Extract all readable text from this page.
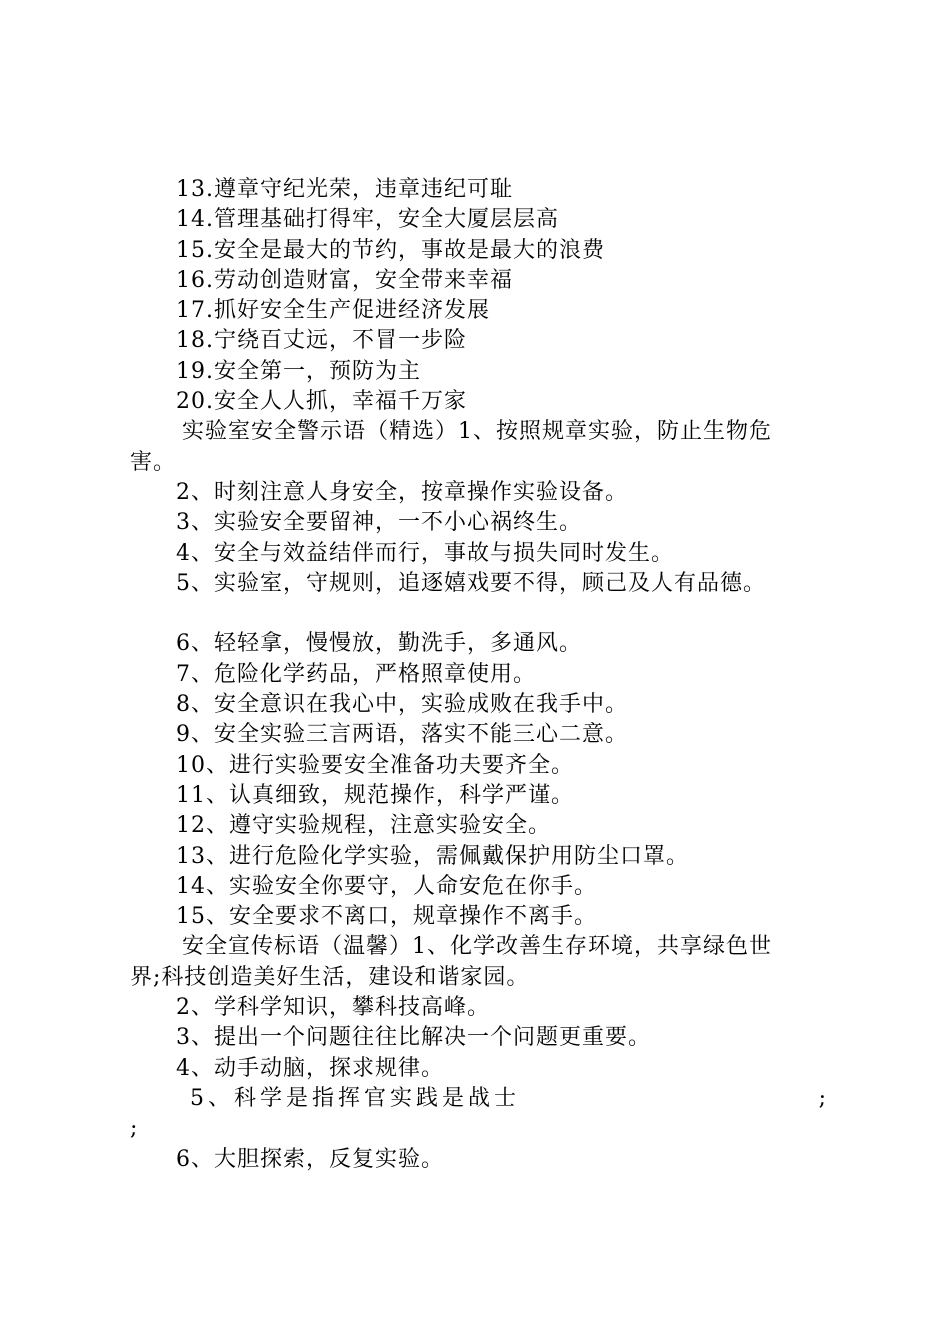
13.遵章守纪光荣，违章违纪可耻
14.管理基础打得牢，安全大厦层层高
15.安全是最大的节约，事故是最大的浪费
16.劳动创造财富，安全带来幸福
17.抓好安全生产促进经济发展
18.宁绕百丈远，不冒一步险
19.安全第一，预防为主
20.安全人人抓，幸福千万家
实验室安全警示语（精选）1、按照规章实验，防止生物危
害。
2、时刻注意人身安全，按章操作实验设备。
3、实验安全要留神，一不小心祸终生。
4、安全与效益结伴而行，事故与损失同时发生。
5、实验室，守规则，追逐嬉戏要不得，顾己及人有品德。
6、轻轻拿，慢慢放，勤洗手，多通风。
7、危险化学药品，严格照章使用。
8、安全意识在我心中，实验成败在我手中。
9、安全实验三言两语，落实不能三心二意。
10、进行实验要安全准备功夫要齐全。
11、认真细致，规范操作，科学严谨。
12、遵守实验规程，注意实验安全。
13、进行危险化学实验，需佩戴保护用防尘口罩。
14、实验安全你要守，人命安危在你手。
15、安全要求不离口，规章操作不离手。
安全宣传标语（温馨）1、化学改善生存环境，共享绿色世
界;科技创造美好生活，建设和谐家园。
2、学科学知识，攀科技高峰。
3、提出一个问题往往比解决一个问题更重要。
4、动手动脑，探求规律。
5、科学是指挥官实践是战士	;
;
6、大胆探索，反复实验。
